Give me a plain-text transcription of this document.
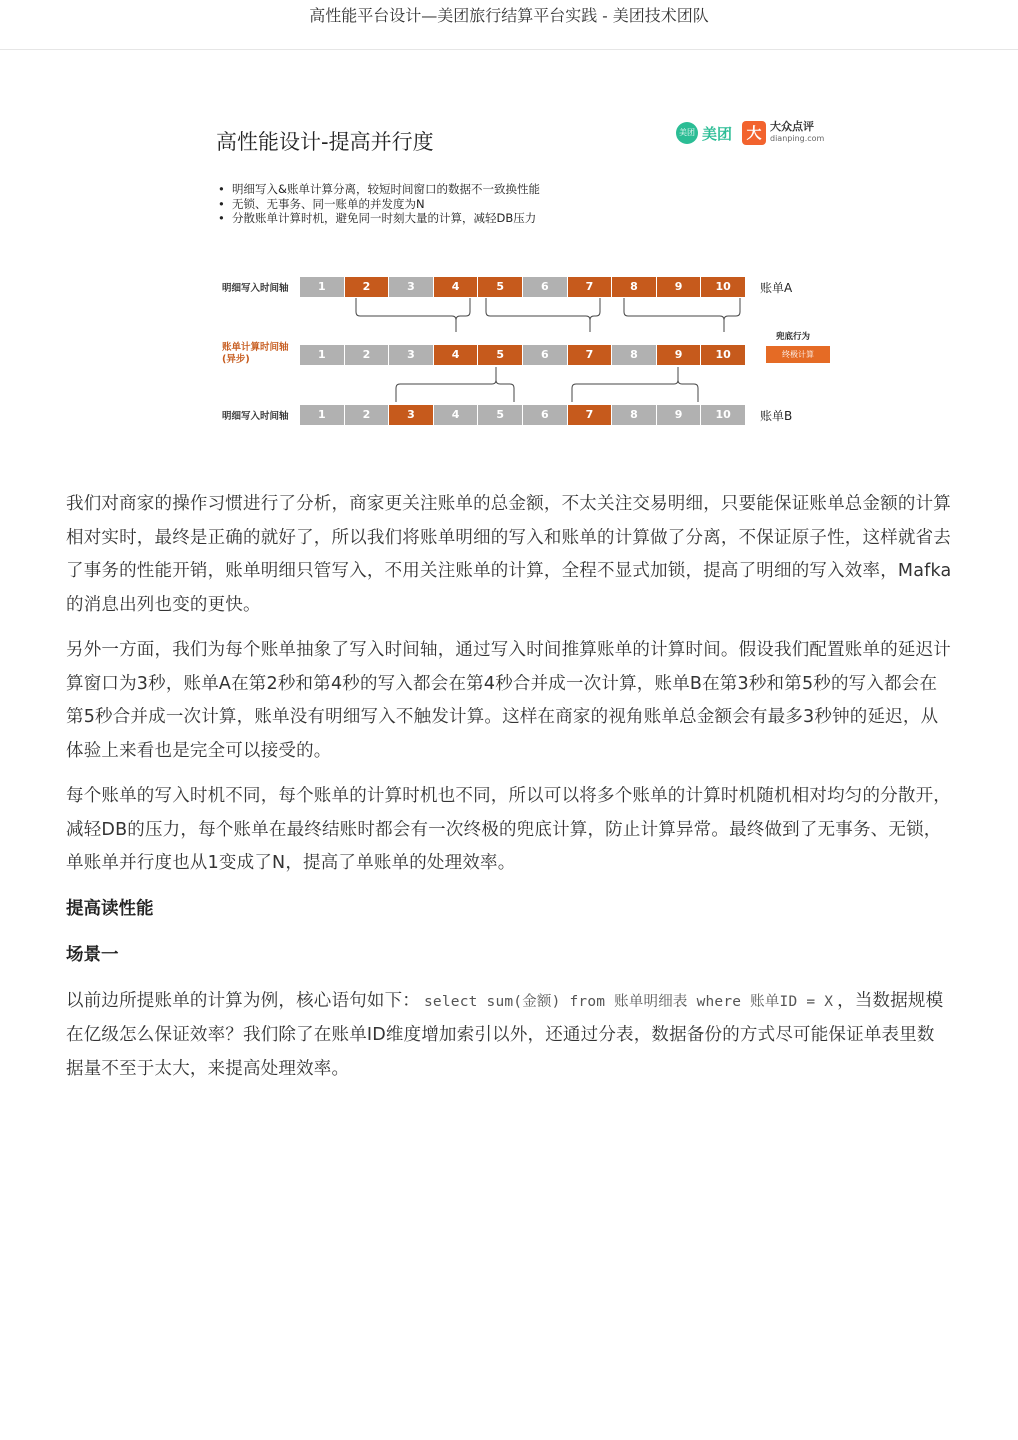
高性能平台设计—美团旅行结算平台实践 - 美团技术团队
高性能设计-提高并行度	美团 美团 大 大众点评
dianping.com
• 明细写入&账单计算分离，较短时间窗口的数据不一致换性能
• 无锁、无事务、同一账单的并发度为N
• 分散账单计算时机，避免同一时刻大量的计算，减轻DB压力
明细写入时间轴	1	2	3	4	5	6	7	8	9	10	账单A
账单计算时间轴
(异步)	1	2	3	4	5	6	7	8	9	10
兜底行为
终极计算
明细写入时间轴	1	2	3	4	5	6	7	8	9	10	账单B

我们对商家的操作习惯进行了分析，商家更关注账单的总金额，不太关注交易明细，只要能保证账单总金额的计算相对实时，最终是正确的就好了，所以我们将账单明细的写入和账单的计算做了分离，不保证原子性，这样就省去了事务的性能开销，账单明细只管写入，不用关注账单的计算，全程不显式加锁，提高了明细的写入效率，Mafka的消息出列也变的更快。

另外一方面，我们为每个账单抽象了写入时间轴，通过写入时间推算账单的计算时间。假设我们配置账单的延迟计算窗口为3秒，账单A在第2秒和第4秒的写入都会在第4秒合并成一次计算，账单B在第3秒和第5秒的写入都会在第5秒合并成一次计算，账单没有明细写入不触发计算。这样在商家的视角账单总金额会有最多3秒钟的延迟，从体验上来看也是完全可以接受的。

每个账单的写入时机不同，每个账单的计算时机也不同，所以可以将多个账单的计算时机随机相对均匀的分散开，减轻DB的压力，每个账单在最终结账时都会有一次终极的兜底计算，防止计算异常。最终做到了无事务、无锁，单账单并行度也从1变成了N，提高了单账单的处理效率。

提高读性能
场景一

以前边所提账单的计算为例，核心语句如下： select sum(金额) from 账单明细表 where 账单ID = X ，当数据规模在亿级怎么保证效率？我们除了在账单ID维度增加索引以外，还通过分表，数据备份的方式尽可能保证单表里数据量不至于太大，来提高处理效率。
